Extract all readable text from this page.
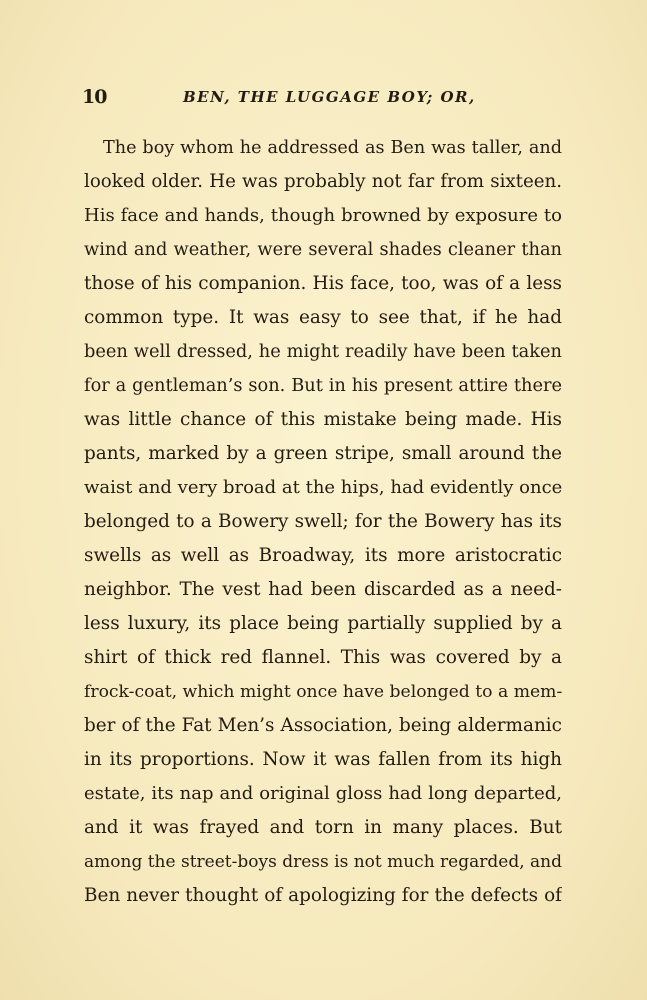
10	BEN, THE LUGGAGE BOY; OR,
The boy whom he addressed as Ben was taller, and
looked older. He was probably not far from sixteen.
His face and hands, though browned by exposure to
wind and weather, were several shades cleaner than
those of his companion. His face, too, was of a less
common type. It was easy to see that, if he had
been well dressed, he might readily have been taken
for a gentleman’s son. But in his present attire there
was little chance of this mistake being made. His
pants, marked by a green stripe, small around the
waist and very broad at the hips, had evidently once
belonged to a Bowery swell; for the Bowery has its
swells as well as Broadway, its more aristocratic
neighbor. The vest had been discarded as a need-
less luxury, its place being partially supplied by a
shirt of thick red flannel. This was covered by a
frock-coat, which might once have belonged to a mem-
ber of the Fat Men’s Association, being aldermanic
in its proportions. Now it was fallen from its high
estate, its nap and original gloss had long departed,
and it was frayed and torn in many places. But
among the street-boys dress is not much regarded, and
Ben never thought of apologizing for the defects of
